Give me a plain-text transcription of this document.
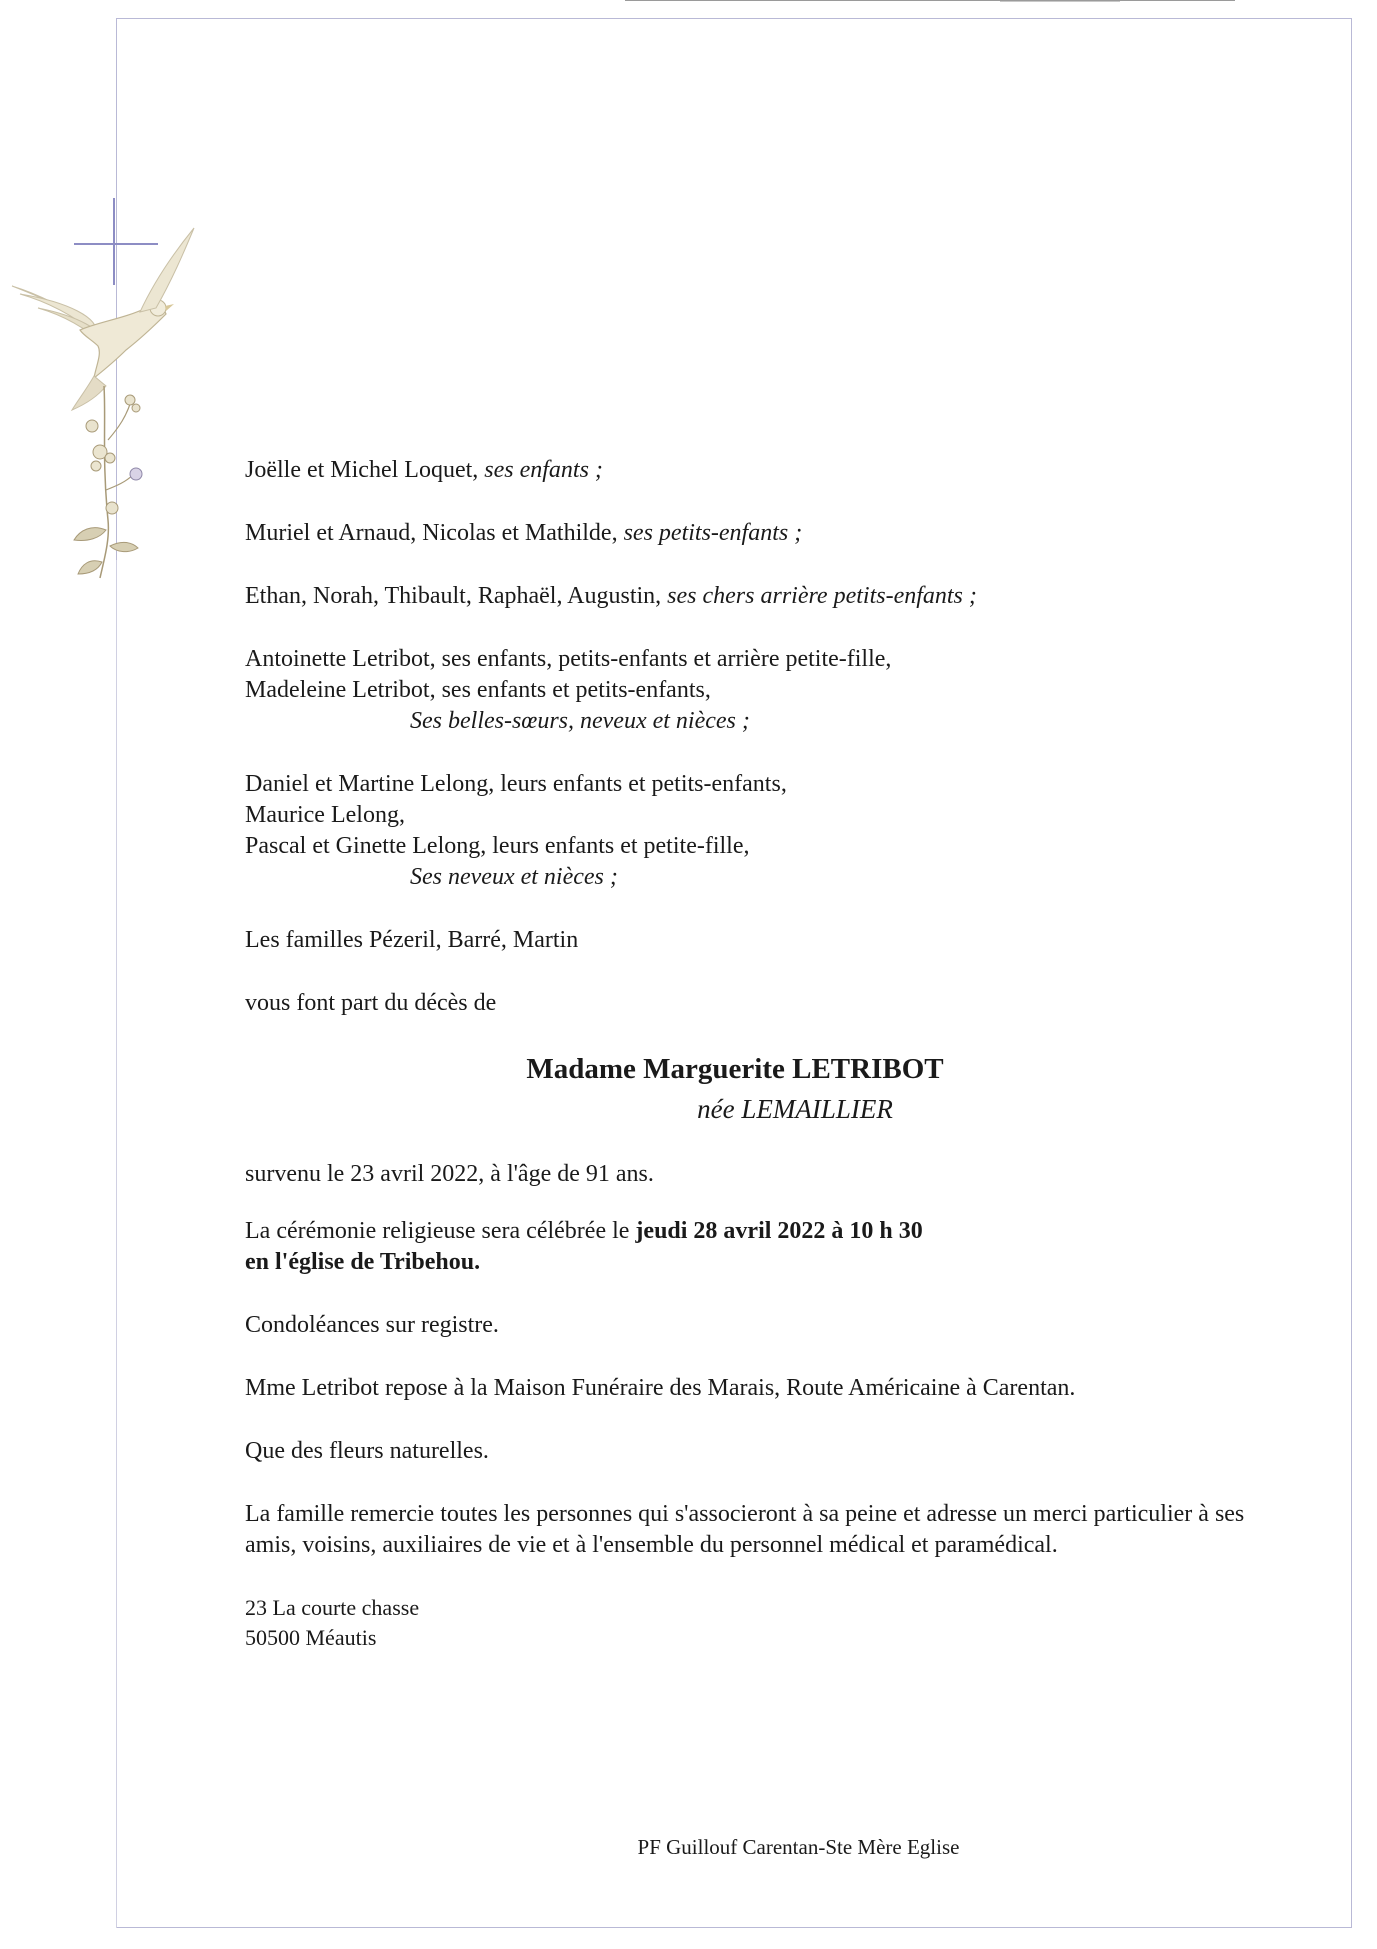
Joëlle et Michel Loquet, ses enfants ;

Muriel et Arnaud, Nicolas et Mathilde, ses petits-enfants ;

Ethan, Norah, Thibault, Raphaël, Augustin, ses chers arrière petits-enfants ;

Antoinette Letribot, ses enfants, petits-enfants et arrière petite-fille,

Madeleine Letribot, ses enfants et petits-enfants,

Ses belles-sœurs, neveux et nièces ;

Daniel et Martine Lelong, leurs enfants et petits-enfants,

Maurice Lelong,

Pascal et Ginette Lelong, leurs enfants et petite-fille,

Ses neveux et nièces ;

Les familles Pézeril, Barré, Martin

vous font part du décès de

Madame Marguerite LETRIBOT
née LEMAILLIER

survenu le 23 avril 2022, à l'âge de 91 ans.

La cérémonie religieuse sera célébrée le jeudi 28 avril 2022 à 10 h 30

en l'église de Tribehou.

Condoléances sur registre.

Mme Letribot repose à la Maison Funéraire des Marais, Route Américaine à Carentan.

Que des fleurs naturelles.

La famille remercie toutes les personnes qui s'associeront à sa peine et adresse un merci particulier à ses amis, voisins, auxiliaires de vie et à l'ensemble du personnel médical et paramédical.

23 La courte chasse

50500 Méautis

PF Guillouf Carentan-Ste Mère Eglise
